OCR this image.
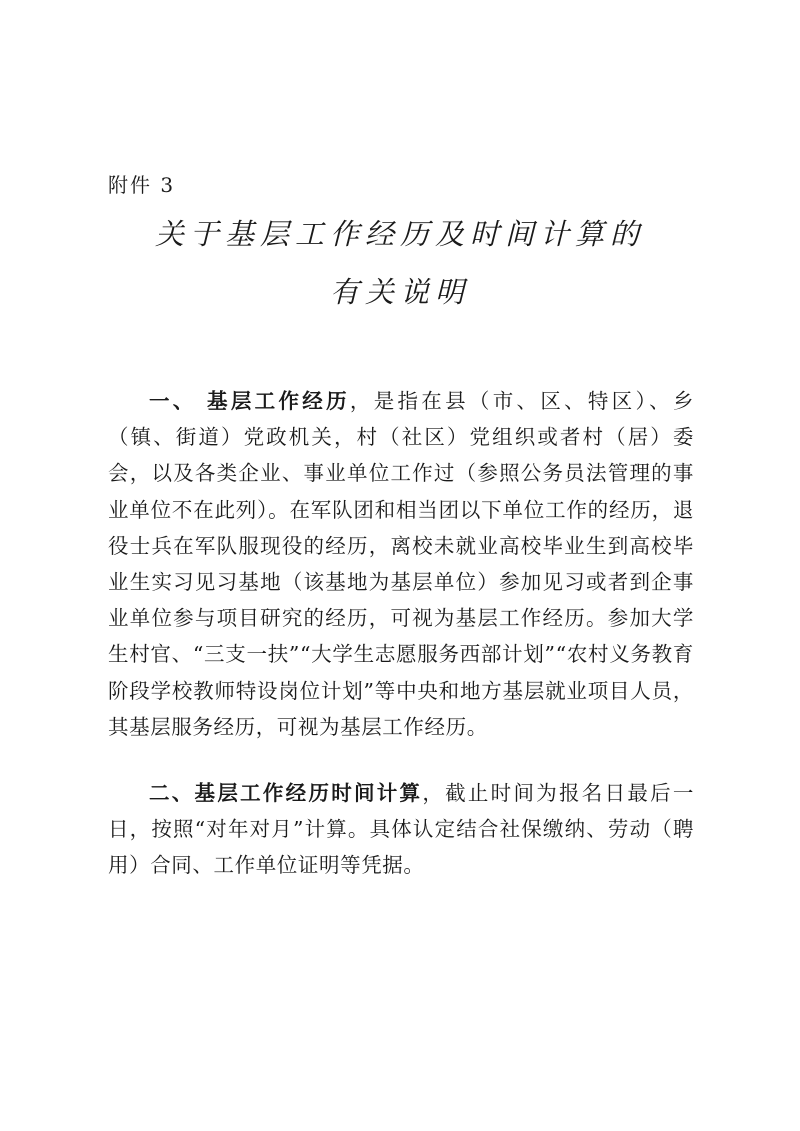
附件 3
关于基层工作经历及时间计算的
有关说明

一、 基层工作经历，是指在县（市、区、特区）、乡（镇、街道）党政机关，村（社区）党组织或者村（居）委会，以及各类企业、事业单位工作过（参照公务员法管理的事业单位不在此列）。在军队团和相当团以下单位工作的经历，退役士兵在军队服现役的经历，离校未就业高校毕业生到高校毕业生实习见习基地（该基地为基层单位）参加见习或者到企事业单位参与项目研究的经历，可视为基层工作经历。参加大学生村官、“三支一扶”“大学生志愿服务西部计划”“农村义务教育阶段学校教师特设岗位计划”等中央和地方基层就业项目人员，其基层服务经历，可视为基层工作经历。

二、基层工作经历时间计算，截止时间为报名日最后一日，按照“对年对月”计算。具体认定结合社保缴纳、劳动（聘用）合同、工作单位证明等凭据。
